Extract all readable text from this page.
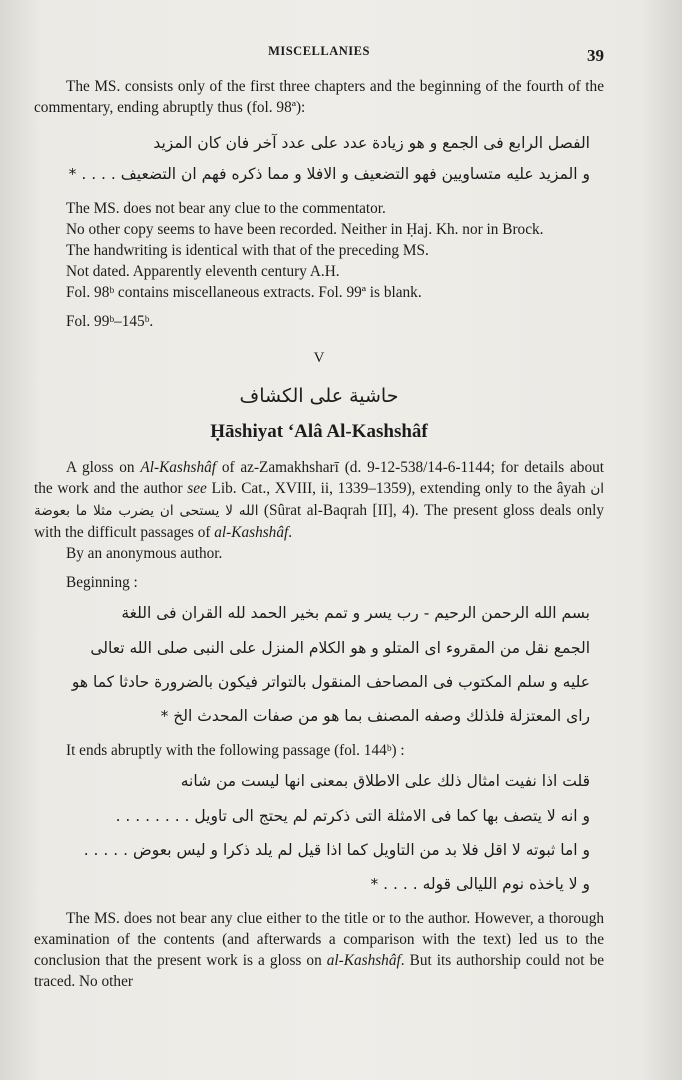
MISCELLANIES	39

The MS. consists only of the first three chapters and the beginning of the fourth of the commentary, ending abruptly thus (fol. 98ª):

الفصل الرابع فى الجمع و هو زيادة عدد على عدد آخر فان كان المزيد
و المزيد عليه متساويين فهو التضعيف و الافلا و مما ذكره فهم ان التضعيف . . . . *

The MS. does not bear any clue to the commentator.

No other copy seems to have been recorded. Neither in Ḥaj. Kh. nor in Brock.

The handwriting is identical with that of the preceding MS.

Not dated. Apparently eleventh century A.H.

Fol. 98ᵇ contains miscellaneous extracts. Fol. 99ª is blank.

Fol. 99ᵇ–145ᵇ.

V
حاشية على الكشاف
Ḥāshiyat ‘Alâ Al-Kashshâf

A gloss on Al-Kashshâf of az-Zamakhsharī (d. 9-12-538/14-6-1144; for details about the work and the author see Lib. Cat., XVIII, ii, 1339–1359), extending only to the âyah ان الله لا يستحى ان يضرب مثلا ما بعوضة (Sûrat al-Baqrah [II], 4). The present gloss deals only with the difficult passages of al-Kashshâf.

By an anonymous author.

Beginning :

بسم الله الرحمن الرحيم - رب يسر و تمم بخير الحمد لله القران فى اللغة
الجمع نقل من المقروء اى المتلو و هو الكلام المنزل على النبى صلى الله تعالى
عليه و سلم المكتوب فى المصاحف المنقول بالتواتر فيكون بالضرورة حادثا كما هو
راى المعتزلة فلذلك وصفه المصنف بما هو من صفات المحدث الخ *

It ends abruptly with the following passage (fol. 144ᵇ) :

قلت اذا نفيت امثال ذلك على الاطلاق بمعنى انها ليست من شانه
و انه لا يتصف بها كما فى الامثلة التى ذكرتم لم يحتج الى تاويل . . . . . . . .
و اما ثبوته لا اقل فلا بد من التاويل كما اذا قيل لم يلد ذكرا و ليس بعوض . . . . .
و لا ياخذه نوم الليالى قوله . . . . *

The MS. does not bear any clue either to the title or to the author. However, a thorough examination of the contents (and afterwards a comparison with the text) led us to the conclusion that the present work is a gloss on al-Kashshâf. But its authorship could not be traced. No other
